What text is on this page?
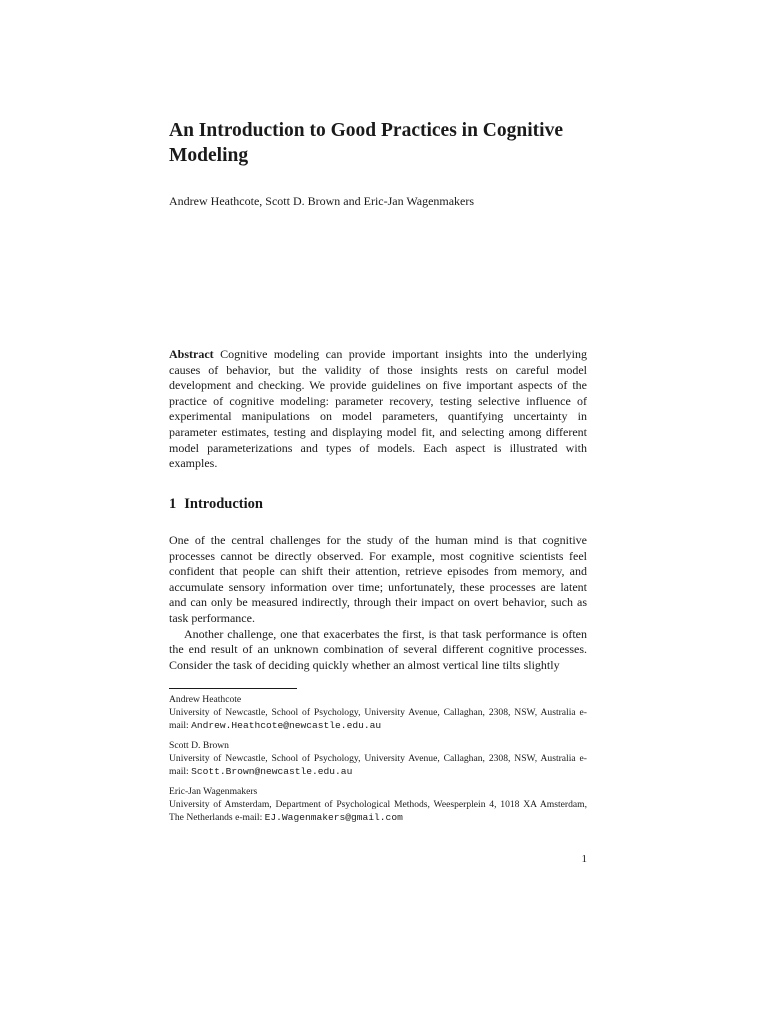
An Introduction to Good Practices in Cognitive Modeling
Andrew Heathcote, Scott D. Brown and Eric-Jan Wagenmakers

Abstract Cognitive modeling can provide important insights into the underlying causes of behavior, but the validity of those insights rests on careful model development and checking. We provide guidelines on five important aspects of the practice of cognitive modeling: parameter recovery, testing selective influence of experimental manipulations on model parameters, quantifying uncertainty in parameter estimates, testing and displaying model fit, and selecting among different model parameterizations and types of models. Each aspect is illustrated with examples.

1 Introduction

One of the central challenges for the study of the human mind is that cognitive processes cannot be directly observed. For example, most cognitive scientists feel confident that people can shift their attention, retrieve episodes from memory, and accumulate sensory information over time; unfortunately, these processes are latent and can only be measured indirectly, through their impact on overt behavior, such as task performance.

Another challenge, one that exacerbates the first, is that task performance is often the end result of an unknown combination of several different cognitive processes. Consider the task of deciding quickly whether an almost vertical line tilts slightly

Andrew Heathcote
University of Newcastle, School of Psychology, University Avenue, Callaghan, 2308, NSW, Australia e-mail: Andrew.Heathcote@newcastle.edu.au
Scott D. Brown
University of Newcastle, School of Psychology, University Avenue, Callaghan, 2308, NSW, Australia e-mail: Scott.Brown@newcastle.edu.au
Eric-Jan Wagenmakers
University of Amsterdam, Department of Psychological Methods, Weesperplein 4, 1018 XA Amsterdam, The Netherlands e-mail: EJ.Wagenmakers@gmail.com
1
